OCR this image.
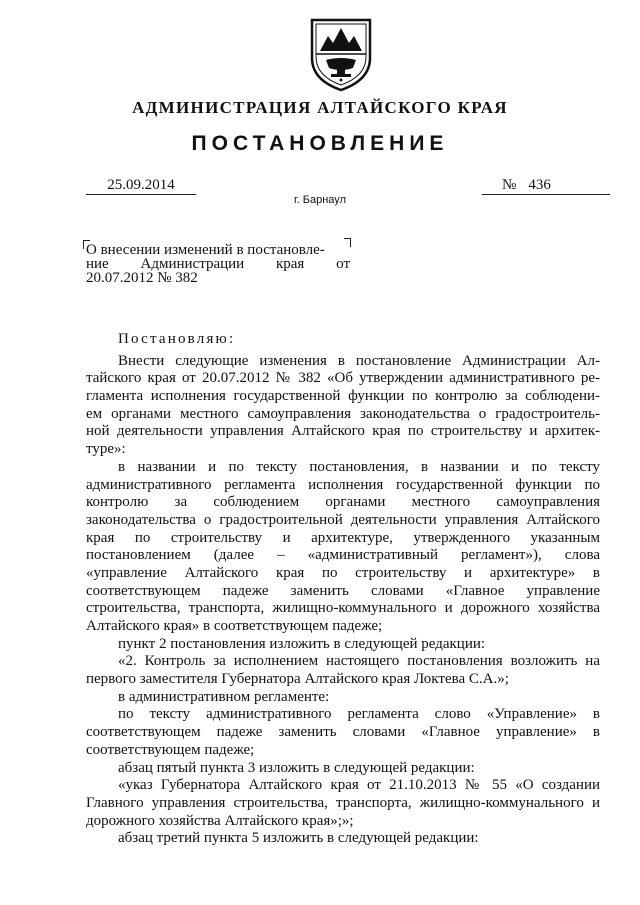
АДМИНИСТРАЦИЯ АЛТАЙСКОГО КРАЯ
ПОСТАНОВЛЕНИЕ
25.09.2014	№ 436
г. Барнаул
О внесении изменений в постановле-
ние Администрации края от
20.07.2012 № 382
Постановляю:
Внести следующие изменения в постановление Администрации Ал-
тайского края от 20.07.2012 № 382 «Об утверждении административного ре-
гламента исполнения государственной функции по контролю за соблюдени-
ем органами местного самоуправления законодательства о градостроитель-
ной деятельности управления Алтайского края по строительству и архитек-
туре»:
в названии и по тексту постановления, в названии и по тексту
административного регламента исполнения государственной функции по
контролю за соблюдением органами местного самоуправления
законодательства о градостроительной деятельности управления Алтайского
края по строительству и архитектуре, утвержденного указанным
постановлением (далее – «административный регламент»), слова
«управление Алтайского края по строительству и архитектуре» в
соответствующем падеже заменить словами «Главное управление
строительства, транспорта, жилищно-коммунального и дорожного хозяйства
Алтайского края» в соответствующем падеже;
пункт 2 постановления изложить в следующей редакции:
«2. Контроль за исполнением настоящего постановления возложить на
первого заместителя Губернатора Алтайского края Локтева С.А.»;
в административном регламенте:
по тексту административного регламента слово «Управление» в
соответствующем падеже заменить словами «Главное управление» в
соответствующем падеже;
абзац пятый пункта 3 изложить в следующей редакции:
«указ Губернатора Алтайского края от 21.10.2013 № 55 «О создании
Главного управления строительства, транспорта, жилищно-коммунального и
дорожного хозяйства Алтайского края»;»;
абзац третий пункта 5 изложить в следующей редакции:
